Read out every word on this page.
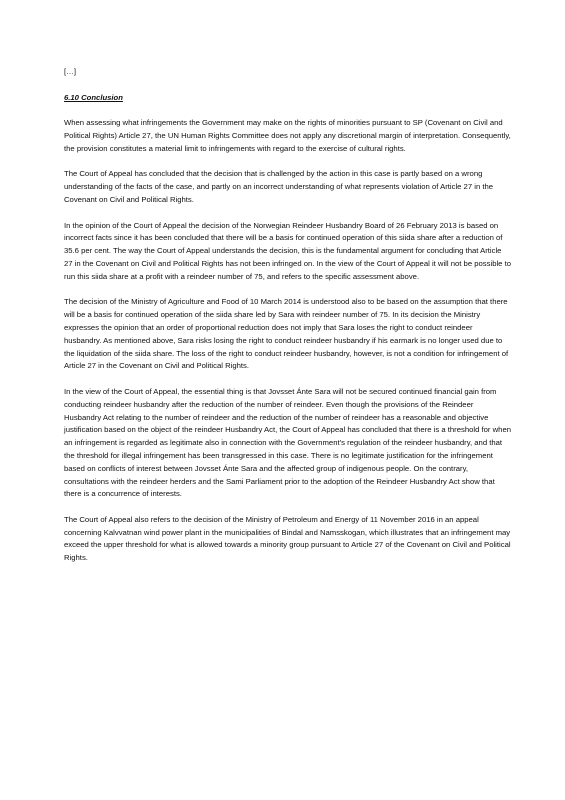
[…]
6.10 Conclusion

When assessing what infringements the Government may make on the rights of minorities pursuant to SP (Covenant on Civil and Political Rights) Article 27, the UN Human Rights Committee does not apply any discretional margin of interpretation. Consequently, the provision constitutes a material limit to infringements with regard to the exercise of cultural rights.

The Court of Appeal has concluded that the decision that is challenged by the action in this case is partly based on a wrong understanding of the facts of the case, and partly on an incorrect understanding of what represents violation of Article 27 in the Covenant on Civil and Political Rights.

In the opinion of the Court of Appeal the decision of the Norwegian Reindeer Husbandry Board of 26 February 2013 is based on incorrect facts since it has been concluded that there will be a basis for continued operation of this siida share after a reduction of 35.6 per cent. The way the Court of Appeal understands the decision, this is the fundamental argument for concluding that Article 27 in the Covenant on Civil and Political Rights has not been infringed on. In the view of the Court of Appeal it will not be possible to run this siida share at a profit with a reindeer number of 75, and refers to the specific assessment above.

The decision of the Ministry of Agriculture and Food of 10 March 2014 is understood also to be based on the assumption that there will be a basis for continued operation of the siida share led by Sara with reindeer number of 75. In its decision the Ministry expresses the opinion that an order of proportional reduction does not imply that Sara loses the right to conduct reindeer husbandry. As mentioned above, Sara risks losing the right to conduct reindeer husbandry if his earmark is no longer used due to the liquidation of the siida share. The loss of the right to conduct reindeer husbandry, however, is not a condition for infringement of Article 27 in the Covenant on Civil and Political Rights.

In the view of the Court of Appeal, the essential thing is that Jovsset Ánte Sara will not be secured continued financial gain from conducting reindeer husbandry after the reduction of the number of reindeer. Even though the provisions of the Reindeer Husbandry Act relating to the number of reindeer and the reduction of the number of reindeer has a reasonable and objective justification based on the object of the reindeer Husbandry Act, the Court of Appeal has concluded that there is a threshold for when an infringement is regarded as legitimate also in connection with the Government's regulation of the reindeer husbandry, and that the threshold for illegal infringement has been transgressed in this case. There is no legitimate justification for the infringement based on conflicts of interest between Jovsset Ánte Sara and the affected group of indigenous people. On the contrary, consultations with the reindeer herders and the Sami Parliament prior to the adoption of the Reindeer Husbandry Act show that there is a concurrence of interests.

The Court of Appeal also refers to the decision of the Ministry of Petroleum and Energy of 11 November 2016 in an appeal concerning Kalvvatnan wind power plant in the municipalities of Bindal and Namsskogan, which illustrates that an infringement may exceed the upper threshold for what is allowed towards a minority group pursuant to Article 27 of the Covenant on Civil and Political Rights.
